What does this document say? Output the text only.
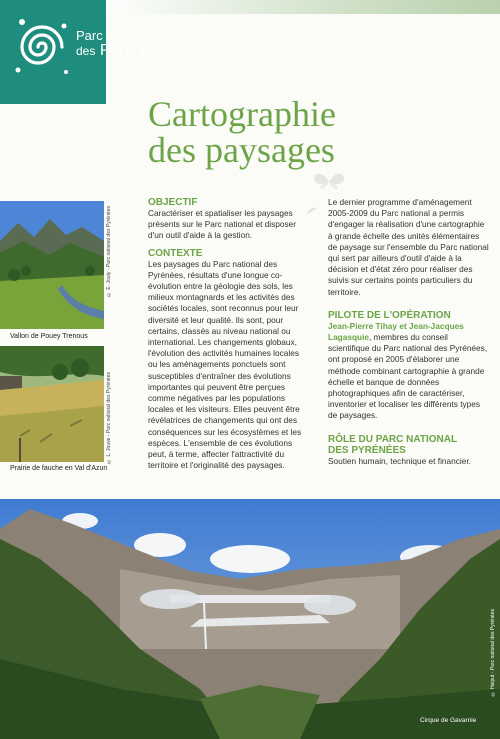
Parc national
des Pyrénées
Cartographie
des paysages
© E. Jouty - Parc national des Pyrénées
Vallon de Pouey Trenous
© L. Jouve - Parc national des Pyrénées
Prairie de fauche en Val d'Azun
OBJECTIF

Caractériser et spatialiser les paysages présents sur le Parc national et disposer d'un outil d'aide à la gestion.

CONTEXTE

Les paysages du Parc national des Pyrénées, résultats d'une longue co-évolution entre la géologie des sols, les milieux montagnards et les activités des sociétés locales, sont reconnus pour leur diversité et leur qualité. Ils sont, pour certains, classés au niveau national ou international. Les changements globaux, l'évolution des activités humaines locales ou les aménagements ponctuels sont susceptibles d'entraîner des évolutions importantes qui peuvent être perçues comme négatives par les populations locales et les visiteurs. Elles peuvent être révélatrices de changements qui ont des conséquences sur les écosystèmes et les espèces. L'ensemble de ces évolutions peut, à terme, affecter l'attractivité du territoire et l'originalité des paysages.

Le dernier programme d'aménagement 2005-2009 du Parc national a permis d'engager la réalisation d'une cartographie à grande échelle des unités élémentaires de paysage sur l'ensemble du Parc national qui sert par ailleurs d'outil d'aide à la décision et d'état zéro pour réaliser des suivis sur certains points particuliers du territoire.

PILOTE DE L'OPÉRATION

Jean-Pierre Tihay et Jean-Jacques Lagasquie, membres du conseil scientifique du Parc national des Pyrénées, ont proposé en 2005 d'élaborer une méthode combinant cartographie à grande échelle et banque de données photographiques afin de caractériser, inventorier et localiser les différents types de paysages.

RÔLE DU PARC NATIONAL
DES PYRÉNÉES

Soutien humain, technique et financier.

Cirque de Gavarnie
© Haiput - Parc national des Pyrénées
